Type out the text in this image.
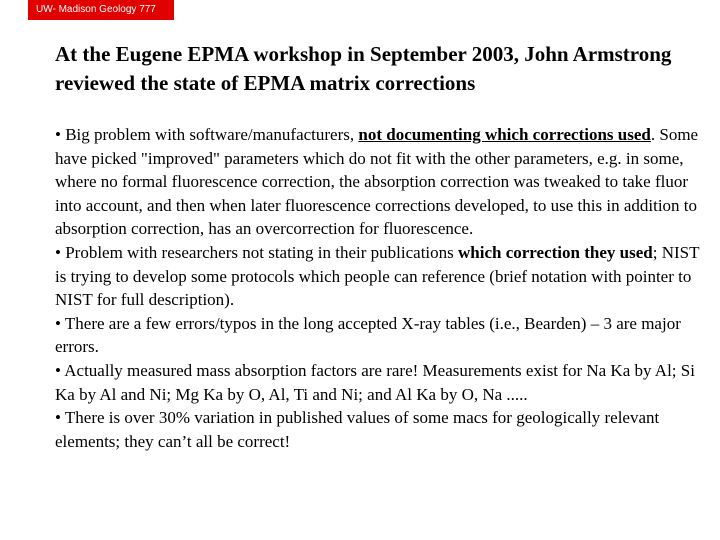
UW- Madison Geology 777
At the Eugene EPMA workshop in September 2003, John Armstrong reviewed the state of EPMA matrix corrections

• Big problem with software/manufacturers, not documenting which corrections used. Some have picked "improved" parameters which do not fit with the other parameters, e.g. in some, where no formal fluorescence correction, the absorption correction was tweaked to take fluor into account, and then when later fluorescence corrections developed, to use this in addition to absorption correction, has an overcorrection for fluorescence.

• Problem with researchers not stating in their publications which correction they used; NIST is trying to develop some protocols which people can reference (brief notation with pointer to NIST for full description).

• There are a few errors/typos in the long accepted X-ray tables (i.e., Bearden) – 3 are major errors.

• Actually measured mass absorption factors are rare! Measurements exist for Na Ka by Al; Si Ka by Al and Ni; Mg Ka by O, Al, Ti and Ni; and Al Ka by O, Na .....

• There is over 30% variation in published values of some macs for geologically relevant elements; they can’t all be correct!
